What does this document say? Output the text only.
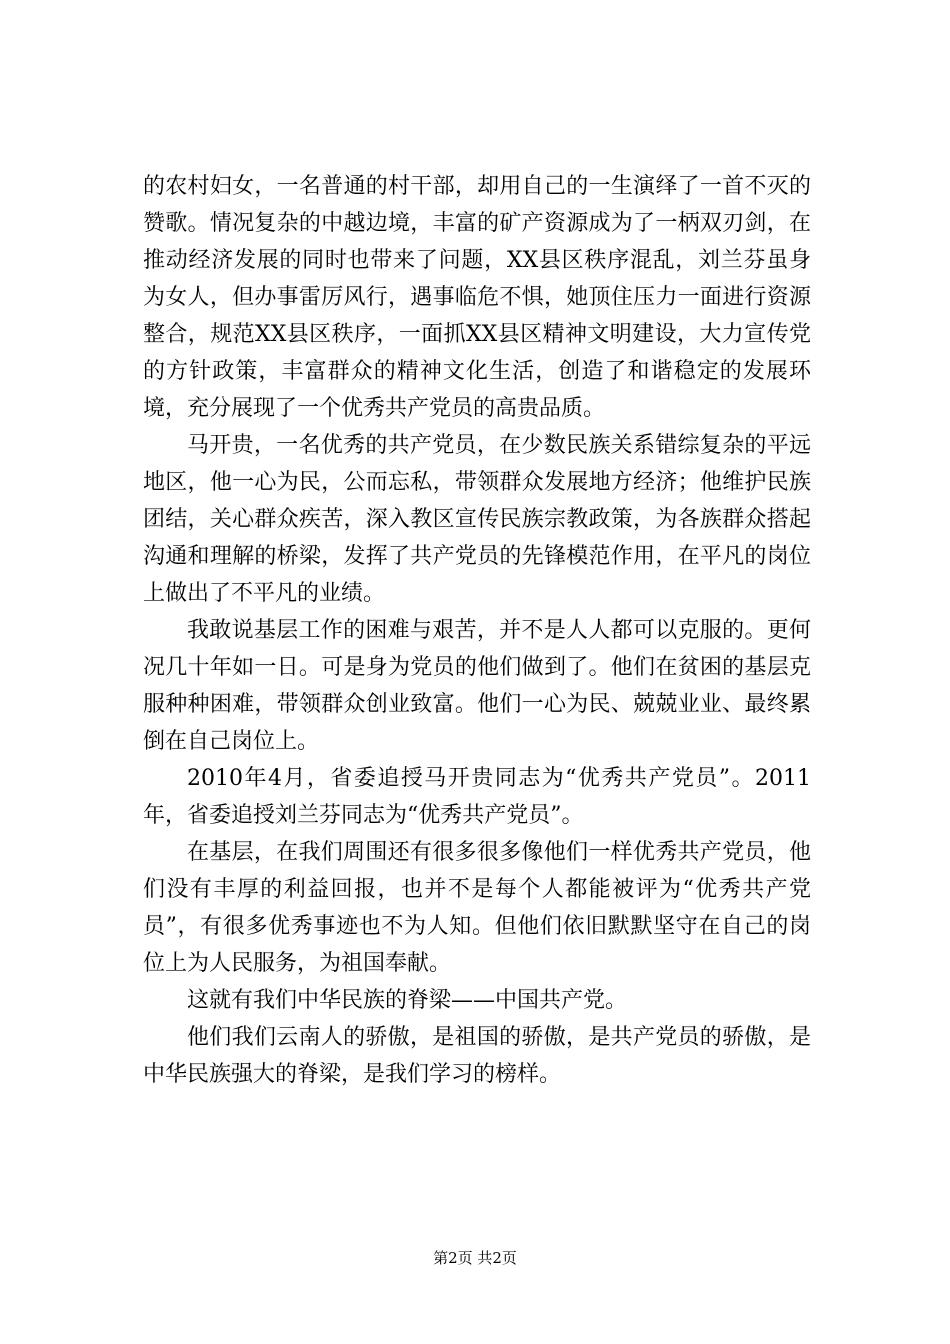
的农村妇女，一名普通的村干部，却用自己的一生演绎了一首不灭的赞歌。情况复杂的中越边境，丰富的矿产资源成为了一柄双刃剑，在推动经济发展的同时也带来了问题，XX县区秩序混乱，刘兰芬虽身为女人，但办事雷厉风行，遇事临危不惧，她顶住压力一面进行资源整合，规范XX县区秩序，一面抓XX县区精神文明建设，大力宣传党的方针政策，丰富群众的精神文化生活，创造了和谐稳定的发展环境，充分展现了一个优秀共产党员的高贵品质。

马开贵，一名优秀的共产党员，在少数民族关系错综复杂的平远地区，他一心为民，公而忘私，带领群众发展地方经济；他维护民族团结，关心群众疾苦，深入教区宣传民族宗教政策，为各族群众搭起沟通和理解的桥梁，发挥了共产党员的先锋模范作用，在平凡的岗位上做出了不平凡的业绩。

我敢说基层工作的困难与艰苦，并不是人人都可以克服的。更何况几十年如一日。可是身为党员的他们做到了。他们在贫困的基层克服种种困难，带领群众创业致富。他们一心为民、兢兢业业、最终累倒在自己岗位上。

2010年4月，省委追授马开贵同志为“优秀共产党员”。2011年，省委追授刘兰芬同志为“优秀共产党员”。

在基层，在我们周围还有很多很多像他们一样优秀共产党员，他们没有丰厚的利益回报，也并不是每个人都能被评为“优秀共产党员”，有很多优秀事迹也不为人知。但他们依旧默默坚守在自己的岗位上为人民服务，为祖国奉献。

这就有我们中华民族的脊梁——中国共产党。

他们我们云南人的骄傲，是祖国的骄傲，是共产党员的骄傲，是中华民族强大的脊梁，是我们学习的榜样。

第2页 共2页
